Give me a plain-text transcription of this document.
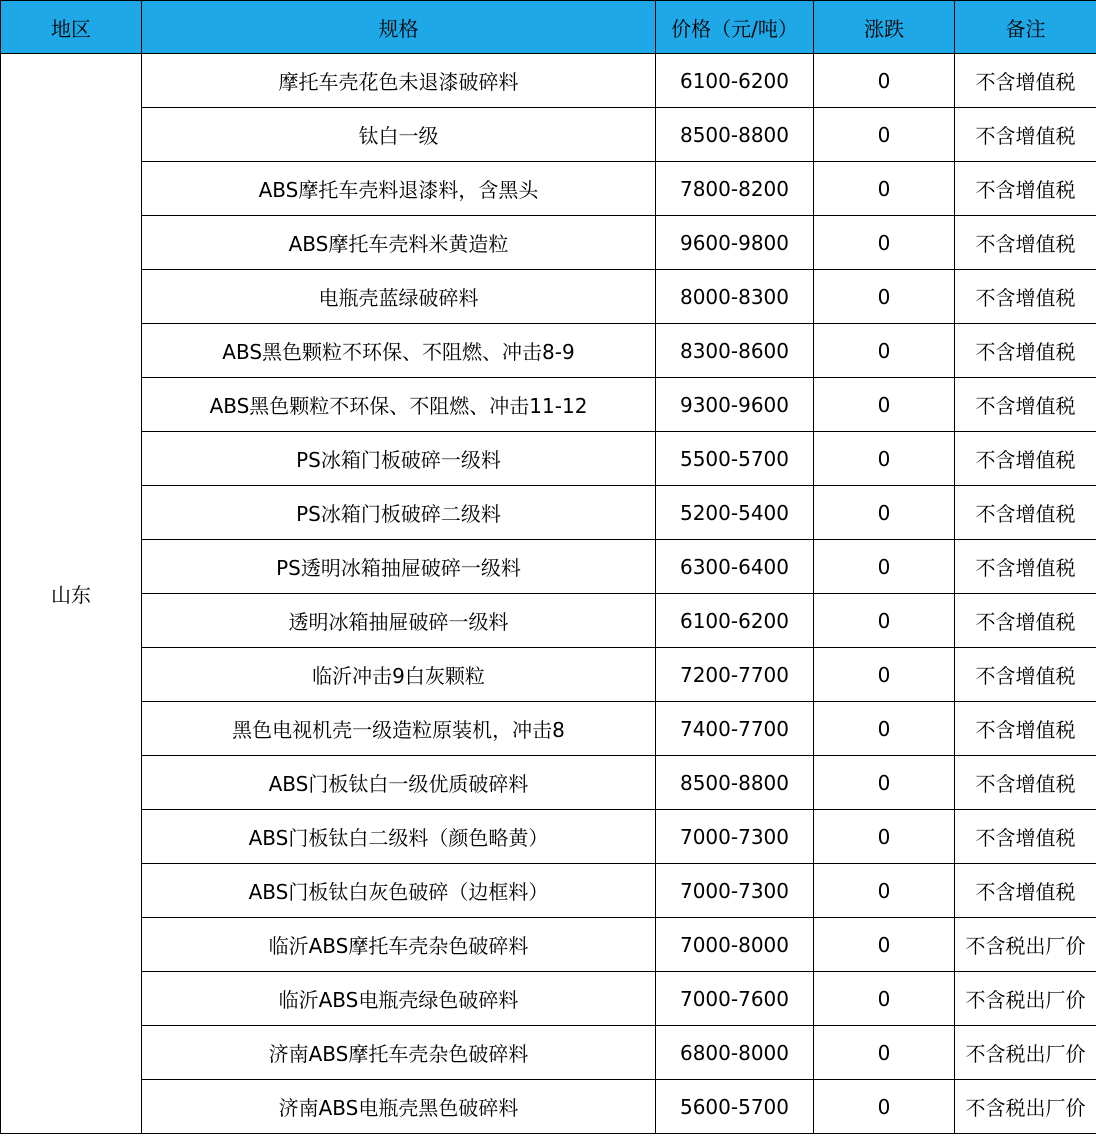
地区	规格	价格（元/吨）	涨跌	备注
山东	摩托车壳花色未退漆破碎料	6100-6200	0	不含增值税
	钛白一级	8500-8800	0	不含增值税
	ABS摩托车壳料退漆料，含黑头	7800-8200	0	不含增值税
	ABS摩托车壳料米黄造粒	9600-9800	0	不含增值税
	电瓶壳蓝绿破碎料	8000-8300	0	不含增值税
	ABS黑色颗粒不环保、不阻燃、冲击8-9	8300-8600	0	不含增值税
	ABS黑色颗粒不环保、不阻燃、冲击11-12	9300-9600	0	不含增值税
	PS冰箱门板破碎一级料	5500-5700	0	不含增值税
	PS冰箱门板破碎二级料	5200-5400	0	不含增值税
	PS透明冰箱抽屉破碎一级料	6300-6400	0	不含增值税
	透明冰箱抽屉破碎一级料	6100-6200	0	不含增值税
	临沂冲击9白灰颗粒	7200-7700	0	不含增值税
	黑色电视机壳一级造粒原装机，冲击8	7400-7700	0	不含增值税
	ABS门板钛白一级优质破碎料	8500-8800	0	不含增值税
	ABS门板钛白二级料（颜色略黄）	7000-7300	0	不含增值税
	ABS门板钛白灰色破碎（边框料）	7000-7300	0	不含增值税
	临沂ABS摩托车壳杂色破碎料	7000-8000	0	不含税出厂价
	临沂ABS电瓶壳绿色破碎料	7000-7600	0	不含税出厂价
	济南ABS摩托车壳杂色破碎料	6800-8000	0	不含税出厂价
	济南ABS电瓶壳黑色破碎料	5600-5700	0	不含税出厂价
